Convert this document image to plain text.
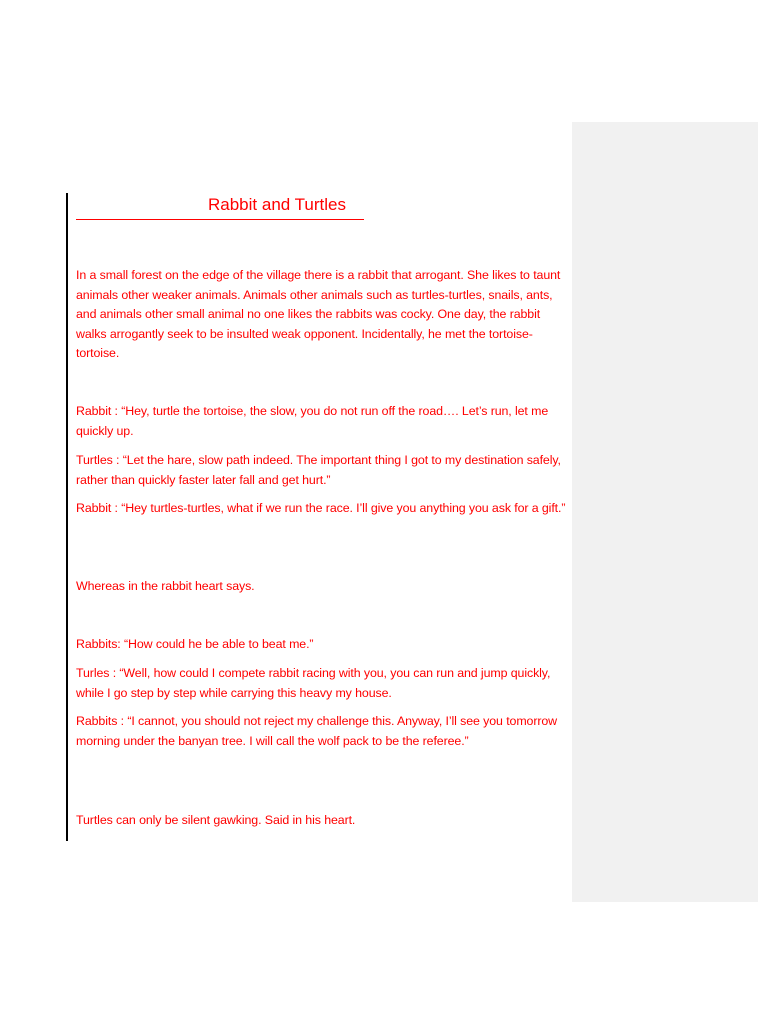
Rabbit and Turtles
In a small forest on the edge of the village there is a rabbit that arrogant. She likes to taunt animals other weaker animals. Animals other animals such as turtles-turtles, snails, ants, and animals other small animal no one likes the rabbits was cocky. One day, the rabbit walks arrogantly seek to be insulted weak opponent. Incidentally, he met the tortoise-tortoise.
Rabbit : “Hey, turtle the tortoise, the slow, you do not run off the road…. Let’s run, let me quickly up.
Turtles : “Let the hare, slow path indeed. The important thing I got to my destination safely, rather than quickly faster later fall and get hurt.”
Rabbit : “Hey turtles-turtles, what if we run the race. I’ll give you anything you ask for a gift.”
Whereas in the rabbit heart says.
Rabbits: “How could he be able to beat me.”
Turles : “Well, how could I compete rabbit racing with you, you can run and jump quickly, while I go step by step while carrying this heavy my house.
Rabbits : “I cannot, you should not reject my challenge this. Anyway, I’ll see you tomorrow morning under the banyan tree. I will call the wolf pack to be the referee.”
Turtles can only be silent gawking. Said in his heart.
